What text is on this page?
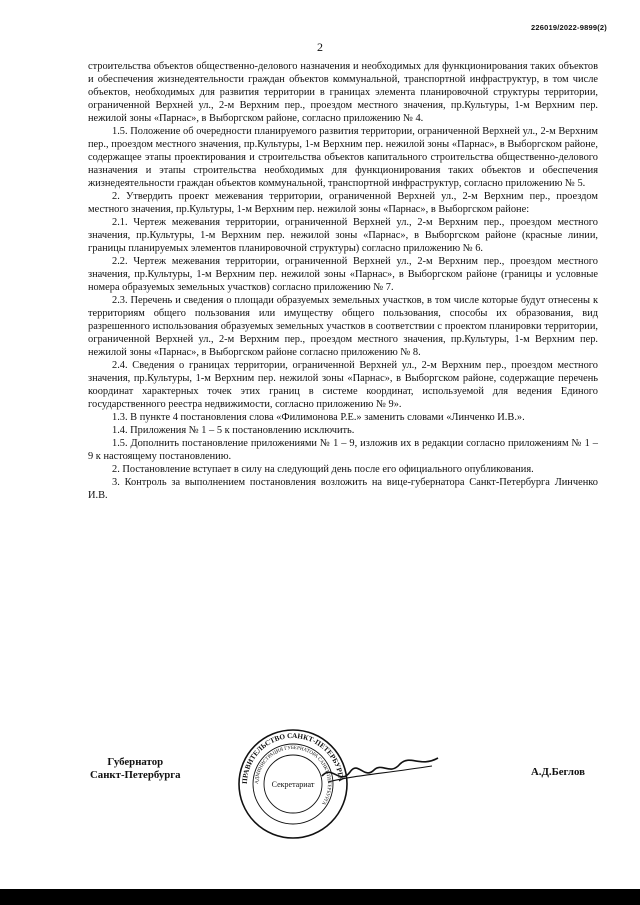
226019/2022-9899(2)
2

строительства объектов общественно-делового назначения и необходимых для функционирования таких объектов и обеспечения жизнедеятельности граждан объектов коммунальной, транспортной инфраструктур, в том числе объектов, необходимых для развития территории в границах элемента планировочной структуры территории, ограниченной Верхней ул., 2-м Верхним пер., проездом местного значения, пр.Культуры, 1-м Верхним пер. нежилой зоны «Парнас», в Выборгском районе, согласно приложению № 4.

1.5. Положение об очередности планируемого развития территории, ограниченной Верхней ул., 2-м Верхним пер., проездом местного значения, пр.Культуры, 1-м Верхним пер. нежилой зоны «Парнас», в Выборгском районе, содержащее этапы проектирования и строительства объектов капитального строительства общественно-делового назначения и этапы строительства необходимых для функционирования таких объектов и обеспечения жизнедеятельности граждан объектов коммунальной, транспортной инфраструктур, согласно приложению № 5.

2. Утвердить проект межевания территории, ограниченной Верхней ул., 2-м Верхним пер., проездом местного значения, пр.Культуры, 1-м Верхним пер. нежилой зоны «Парнас», в Выборгском районе:

2.1. Чертеж межевания территории, ограниченной Верхней ул., 2-м Верхним пер., проездом местного значения, пр.Культуры, 1-м Верхним пер. нежилой зоны «Парнас», в Выборгском районе (красные линии, границы планируемых элементов планировочной структуры) согласно приложению № 6.

2.2. Чертеж межевания территории, ограниченной Верхней ул., 2-м Верхним пер., проездом местного значения, пр.Культуры, 1-м Верхним пер. нежилой зоны «Парнас», в Выборгском районе (границы и условные номера образуемых земельных участков) согласно приложению № 7.

2.3. Перечень и сведения о площади образуемых земельных участков, в том числе которые будут отнесены к территориям общего пользования или имуществу общего пользования, способы их образования, вид разрешенного использования образуемых земельных участков в соответствии с проектом планировки территории, ограниченной Верхней ул., 2-м Верхним пер., проездом местного значения, пр.Культуры, 1-м Верхним пер. нежилой зоны «Парнас», в Выборгском районе согласно приложению № 8.

2.4. Сведения о границах территории, ограниченной Верхней ул., 2-м Верхним пер., проездом местного значения, пр.Культуры, 1-м Верхним пер. нежилой зоны «Парнас», в Выборгском районе, содержащие перечень координат характерных точек этих границ в системе координат, используемой для ведения Единого государственного реестра недвижимости, согласно приложению № 9».

1.3. В пункте 4 постановления слова «Филимонова Р.Е.» заменить словами «Линченко И.В.».

1.4. Приложения № 1 – 5 к постановлению исключить.

1.5. Дополнить постановление приложениями № 1 – 9, изложив их в редакции согласно приложениям № 1 – 9 к настоящему постановлению.

2. Постановление вступает в силу на следующий день после его официального опубликования.

3. Контроль за выполнением постановления возложить на вице-губернатора Санкт-Петербурга Линченко И.В.

Губернатор
Санкт-Петербурга
ПРАВИТЕЛЬСТВО САНКТ-ПЕТЕРБУРГА
АДМИНИСТРАЦИЯ ГУБЕРНАТОРА САНКТ-ПЕТЕРБУРГА
Секретариат
А.Д.Беглов
